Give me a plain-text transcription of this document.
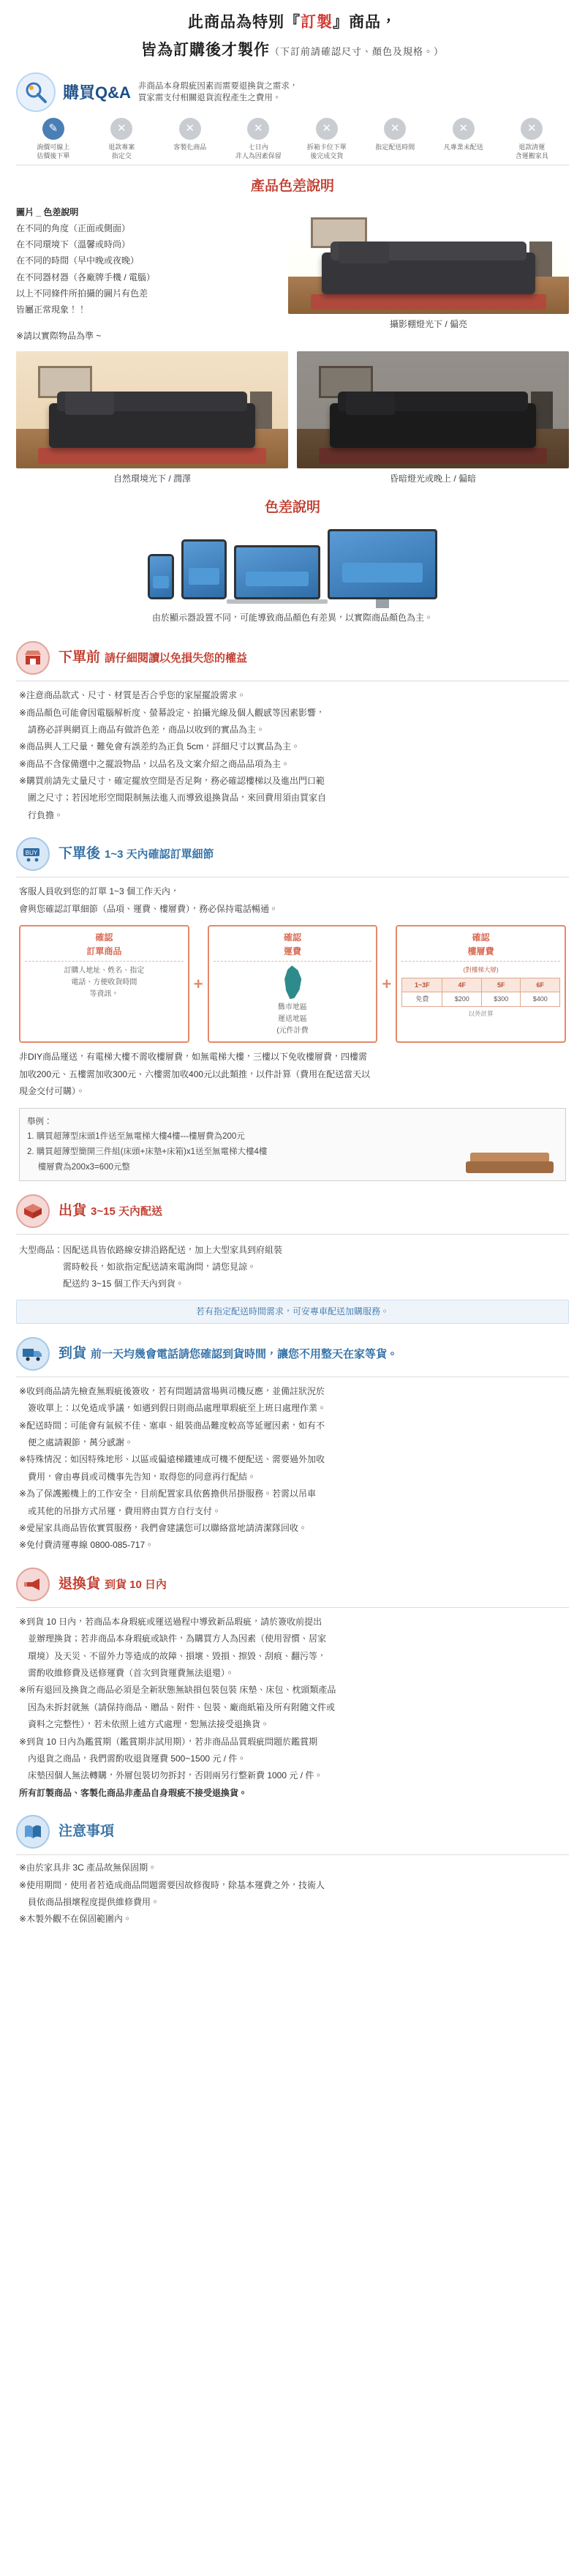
此商品為特別『訂製』商品，
皆為訂購後才製作（下訂前請確認尺寸、顏色及規格。）
購買Q&A 非商品本身瑕疵因素而需要退換貨之需求，
買家需支付相關退貨流程產生之費用。
✎
詢價可線上
估價後下單
✕
退款專案
指定交
✕
客製化商品
✕
七日內
非人為因素保留
✕
拆箱卡位下單
後完成交貨
✕
指定配送時間
✕
凡專業未配送
✕
退款清運
含運搬家具
產品色差說明
圖片 _ 色差說明
在不同的角度（正面或側面）
在不同環境下（溫馨或時尚）
在不同的時間（早中晚或夜晚）
在不同器材器（各廠牌手機 / 電腦）
以上不同條件所拍攝的圖片有色差
皆屬正常現象！！
※請以實際物品為準 ~
攝影棚燈光下 / 偏亮
自然環境光下 / 潤澤	昏暗燈光或晚上 / 偏暗
色差說明
由於顯示器設置不同，可能導致商品顏色有差異，以實際商品顏色為主。
下單前 請仔細閱讀以免損失您的權益
※注意商品款式、尺寸、材質是否合乎您的家屋擺設需求。
※商品顏色可能會因電腦解析度、螢幕設定、拍攝光線及個人觀感等因素影響，
　請務必詳與網頁上商品有做許色差，商品以收到的實品為主。
※商品與人工尺量，難免會有誤差約為正負 5cm，詳細尺寸以實品為主。
※商品不含傢備選中之擺設物品，以品名及文案介紹之商品品項為主。
※購買前請先丈量尺寸，確定擺放空間是否足夠，務必確認樓梯以及進出門口範
　圍之尺寸；若因地形空間限制無法進入而導致退換貨品，來回費用須由買家自
　行負擔。
BUY 下單後 1~3 天內確認訂單細節
客服人員收到您的訂單 1~3 個工作天內，
會與您確認訂單細節（品項、運費、樓層費），務必保持電話暢通。
確認
訂單商品
訂購人地址、姓名、指定
電話、方便收貨時間
等資訊。
+
確認
運費
縣市地區
運送地區
(元件計費
+
確認
樓層費
(對樓梯大層)
1~3F	4F	5F	6F
免費	$200	$300	$400
以外計算
非DIY商品運送，有電梯大樓不需收樓層費，如無電梯大樓，三樓以下免收樓層費，四樓需
加收200元、五樓需加收300元、六樓需加收400元以此類推，以件計算（費用在配送當天以
現金交付可購）。
舉例：
1. 購買超薄型床頭1件送至無電梯大樓4樓---樓層費為200元
2. 購買超薄型簡開三件組(床頭+床墊+床箱)x1送至無電梯大樓4樓
　 樓層費為200x3=600元整
出貨 3~15 天內配送
大型商品：因配送具皆依路線安排沿路配送，加上大型家具到府組裝
　　　　　需時較長，如欲指定配送請來電詢問，請您見諒。
　　　　　配送約 3~15 個工作天內到貨。
若有指定配送時間需求，可安專車配送加購服務。
到貨 前一天均幾會電話請您確認到貨時間，讓您不用整天在家等貨。
※收到商品請先檢查無瑕疵後簽收，若有問題請當場與司機反應，並備註狀況於
　簽收單上：以免造成爭議，如遇到假日則商品處理單瑕疵至上班日處理作業。
※配送時間：可能會有氣候不佳、塞車、組裝商品難度較高等延遲因素，如有不
　便之處請親節，萬分感謝。
※特殊情況：如因特殊地形、以區或偏遠梯鐵連成可機不便配送、需要過外加收
　費用，會由專員或司機事先告知，取得您的同意再行配結。
※為了保護搬機上的工作安全，目前配置家具依舊擔供吊掛服務。若需以吊車
　或其他的吊掛方式吊運，費用將由買方自行支付。
※愛屋家具商品皆依實質服務，我們會建議您可以聯絡當地請清潔隊回收。
※免付費清運專線 0800-085-717。
退換貨 到貨 10 日內
※到貨 10 日內，若商品本身瑕疵或運送過程中導致新品瑕疵，請於簽收前提出
　並辦理換貨；若非商品本身瑕疵或缺件，為購買方人為因素（使用習慣、居家
　環境）及天災、不留外力等造成的故障、損壞、毀損、擦毀、刮痕、翻污等，
　需酌收維修費及送修運費（首次到貨運費無法退還）。
※所有退回及換貨之商品必須是全新狀態無缺損包裝包裝 床墊、床包、枕頭類產品
　因為未拆封就無（請保持商品、贈品、附件、包裝、廠商紙箱及所有附隨文件或
　資料之完整性），若未依照上述方式處理，恕無法接受退換貨。
※到貨 10 日內為鑑賞期（鑑賞期非試用期），若非商品品質瑕疵問題於鑑賞期
　內退貨之商品，我們需酌收退貨運費 500~1500 元 / 件。
　床墊因個人無法轉購，外層包裝切勿拆封，否則兩另行整新費 1000 元 / 件。
所有訂製商品、客製化商品非產品自身瑕疵不接受退換貨。
注意事項
※由於家具非 3C 產品故無保固期。
※使用期間，使用者若造成商品問題需要因故修復時，除基本運費之外，技術人
　員依商品損壞程度提供維修費用。
※木製外觀不在保固範圍內。
